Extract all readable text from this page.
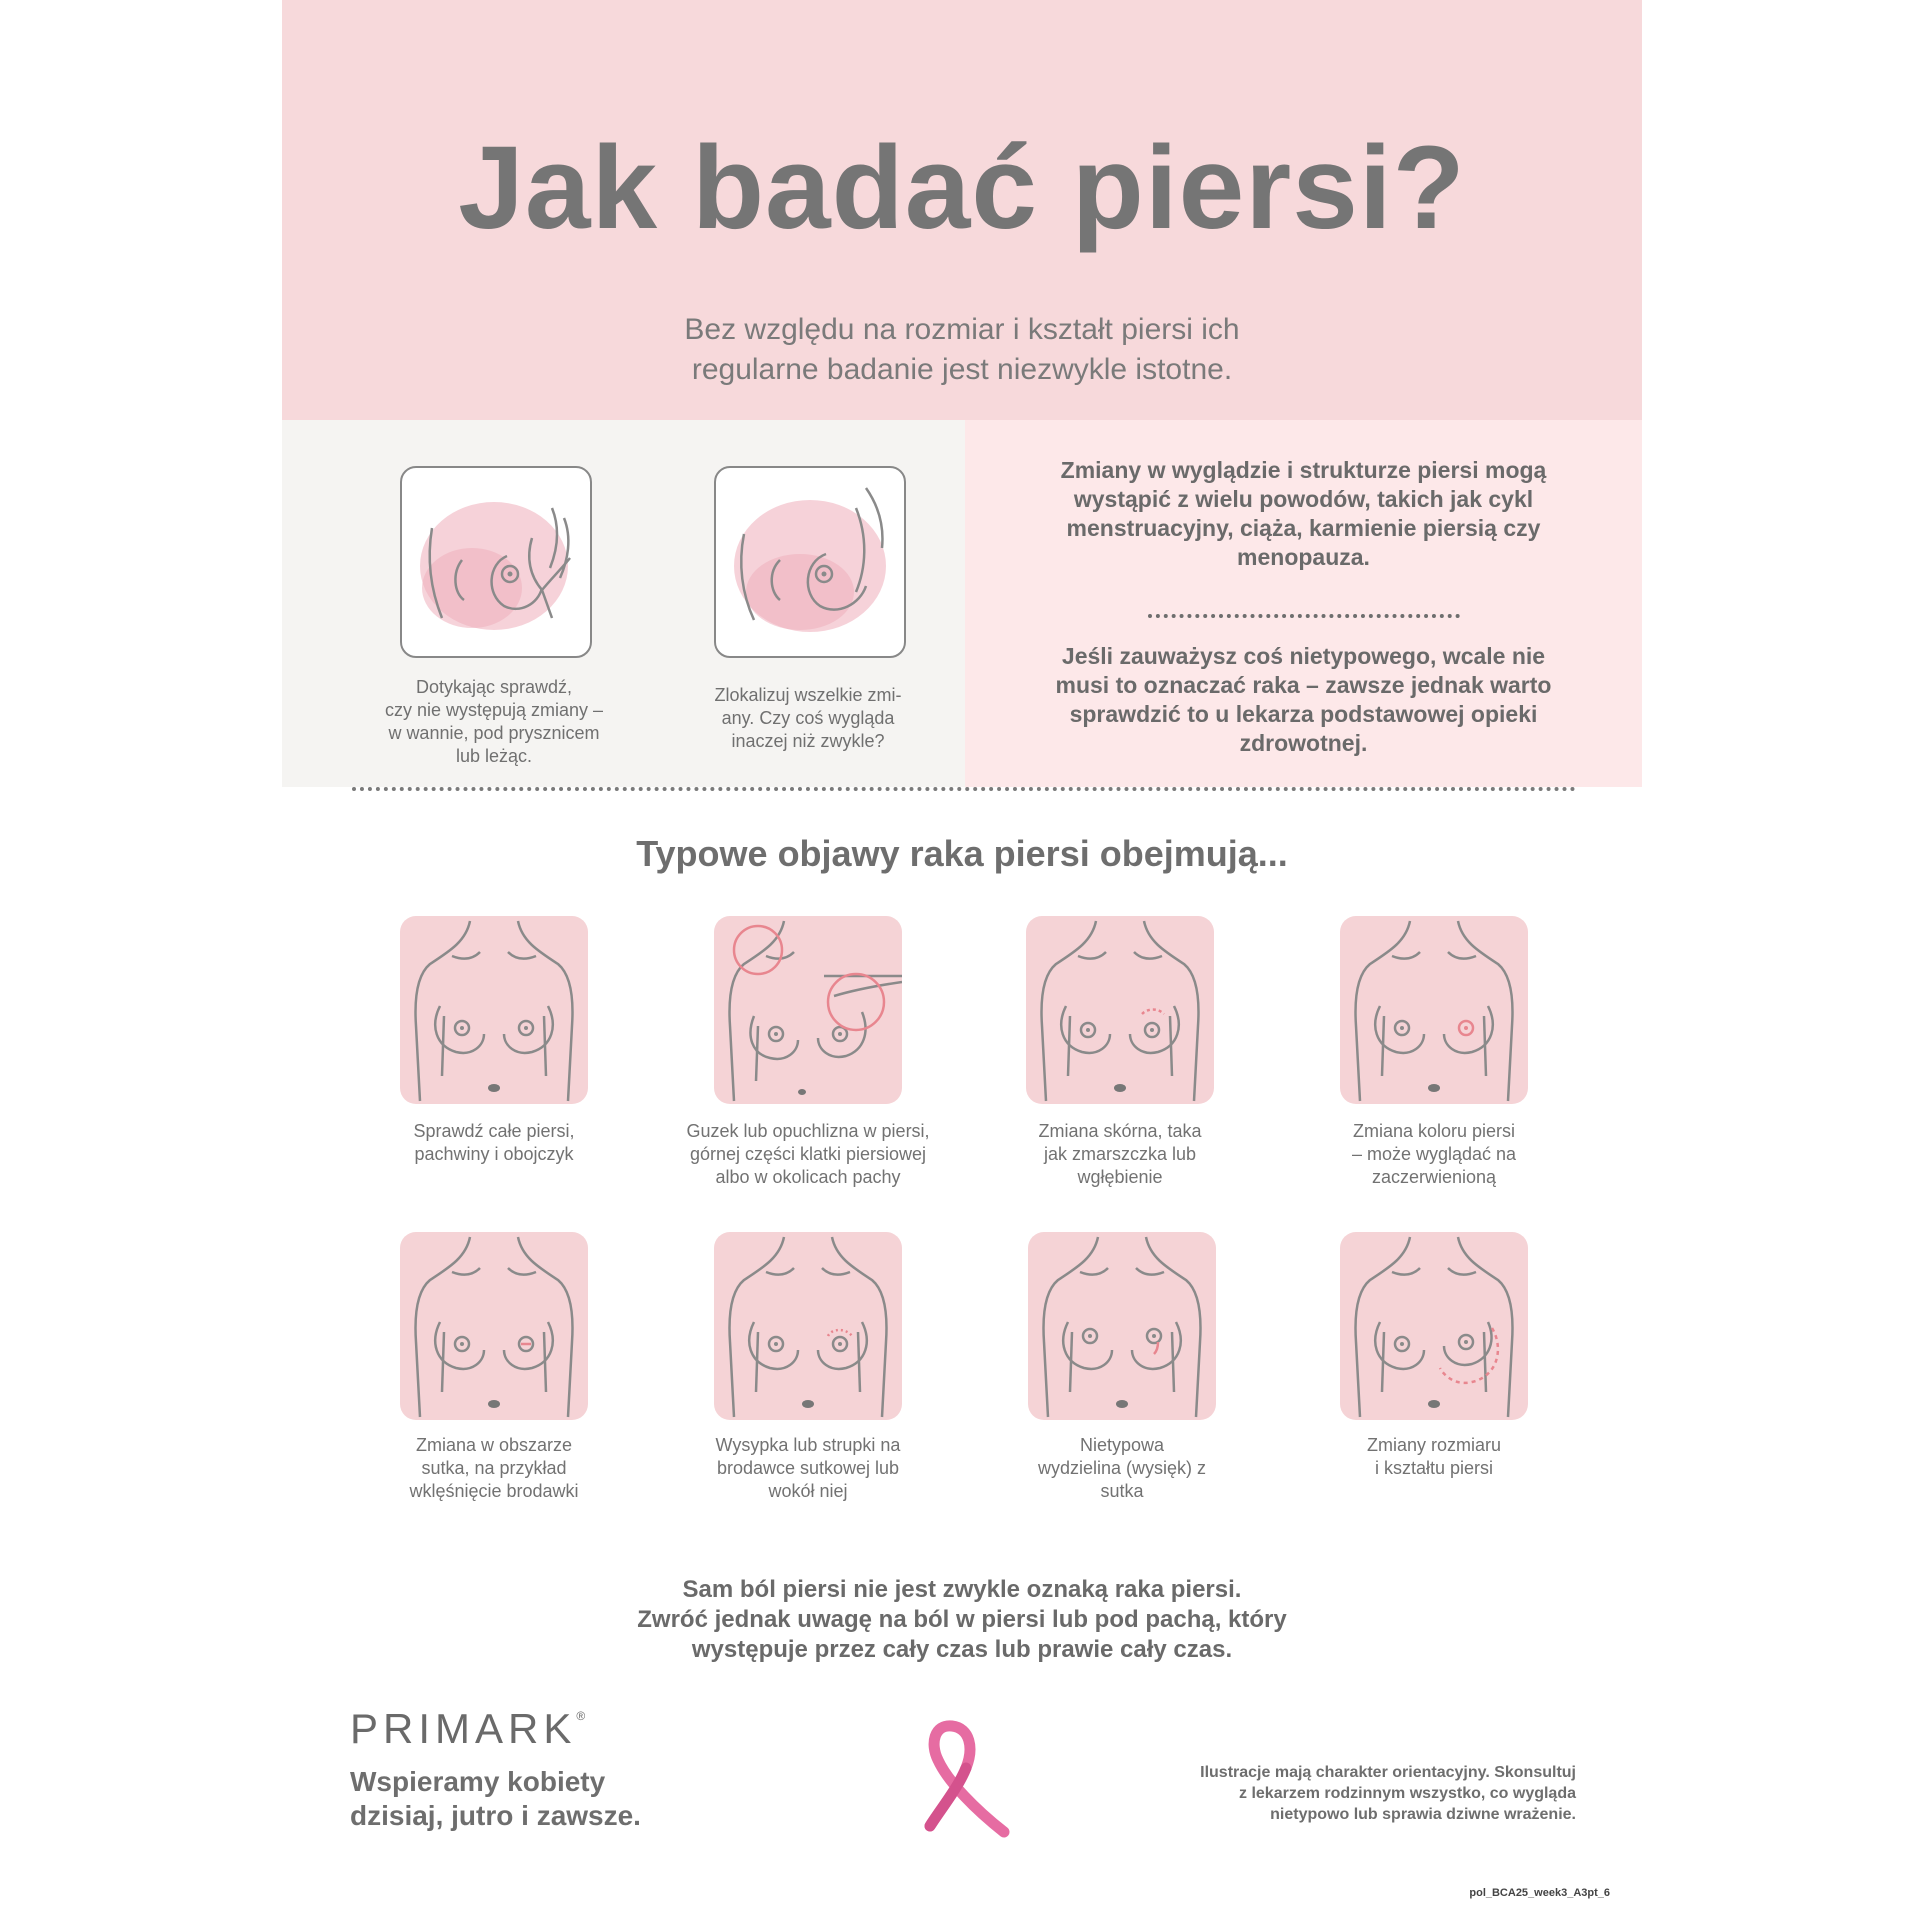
Jak badać piersi?
Bez względu na rozmiar i kształt piersi ich
regularne badanie jest niezwykle istotne.
Zmiany w wyglądzie i strukturze piersi mogą
wystąpić z wielu powodów, takich jak cykl
menstruacyjny, ciąża, karmienie piersią czy
menopauza.
Jeśli zauważysz coś nietypowego, wcale nie
musi to oznaczać raka – zawsze jednak warto
sprawdzić to u lekarza podstawowej opieki
zdrowotnej.
Dotykając sprawdź,
czy nie występują zmiany –
w wannie, pod prysznicem
lub leżąc.
Zlokalizuj wszelkie zmi-
any. Czy coś wygląda
inaczej niż zwykle?
Typowe objawy raka piersi obejmują...
Sprawdź całe piersi,
pachwiny i obojczyk
Guzek lub opuchlizna w piersi,
górnej części klatki piersiowej
albo w okolicach pachy
Zmiana skórna, taka
jak zmarszczka lub
wgłębienie
Zmiana koloru piersi
– może wyglądać na
zaczerwienioną
Zmiana w obszarze
sutka, na przykład
wklęśnięcie brodawki
Wysypka lub strupki na
brodawce sutkowej lub
wokół niej
Nietypowa
wydzielina (wysięk) z
sutka
Zmiany rozmiaru
i kształtu piersi
Sam ból piersi nie jest zwykle oznaką raka piersi.
Zwróć jednak uwagę na ból w piersi lub pod pachą, który
występuje przez cały czas lub prawie cały czas.
PRIMARK®
Wspieramy kobiety
dzisiaj, jutro i zawsze.
Ilustracje mają charakter orientacyjny. Skonsultuj
z lekarzem rodzinnym wszystko, co wygląda
nietypowo lub sprawia dziwne wrażenie.
pol_BCA25_week3_A3pt_6
